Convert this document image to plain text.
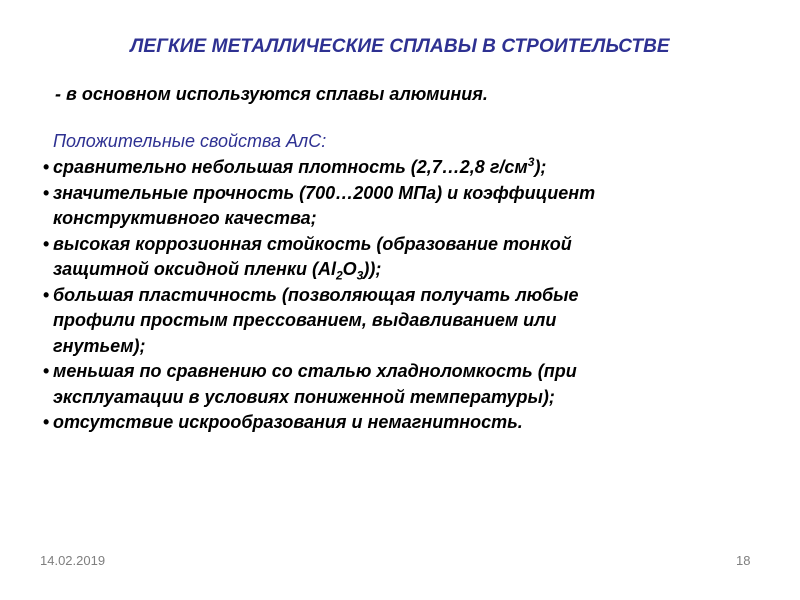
ЛЕГКИЕ МЕТАЛЛИЧЕСКИЕ СПЛАВЫ В СТРОИТЕЛЬСТВЕ
- в основном используются сплавы алюминия.
Положительные свойства АлС:
• сравнительно небольшая плотность (2,7…2,8 $г/см^3$);
• значительные прочность (700…2000 МПа) и коэффициент
конструктивного качества;
• высокая коррозионная стойкость (образование тонкой
защитной оксидной пленки $(Al_2O_3)$);
• большая пластичность (позволяющая получать любые
профили простым прессованием, выдавливанием или
гнутьем);
• меньшая по сравнению со сталью хладноломкость (при
эксплуатации в условиях пониженной температуры);
• отсутствие искрообразования и немагнитность.
14.02.2019	18
